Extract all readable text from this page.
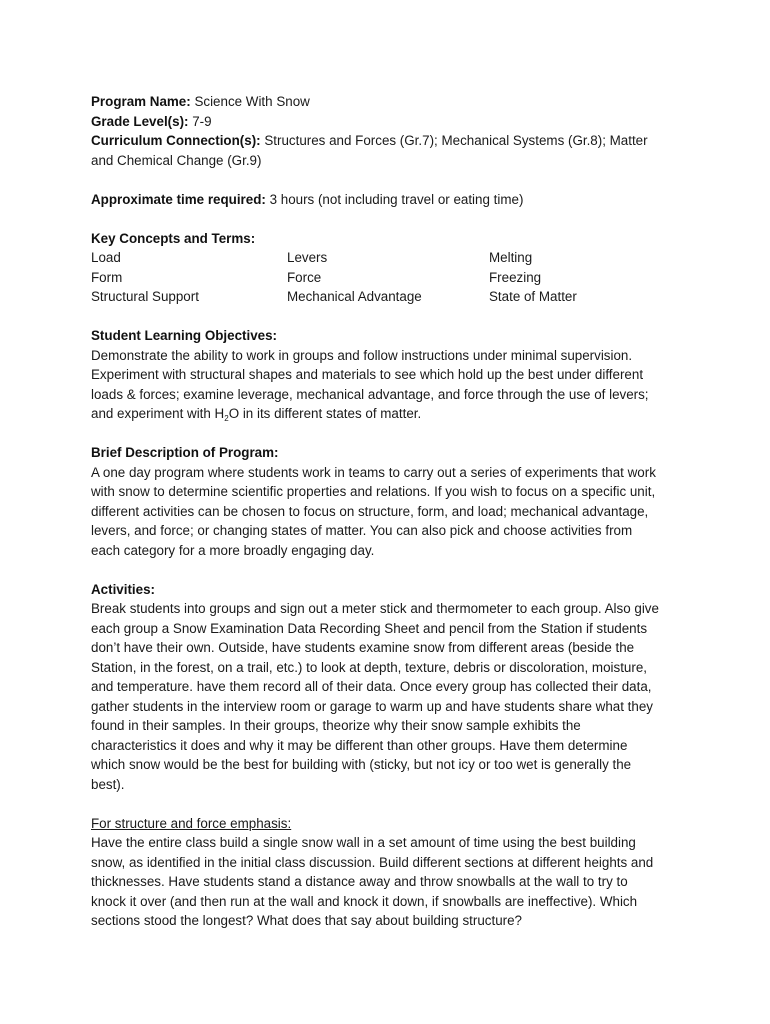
Program Name: Science With Snow
Grade Level(s): 7-9
Curriculum Connection(s): Structures and Forces (Gr.7); Mechanical Systems (Gr.8); Matter
and Chemical Change (Gr.9)
Approximate time required: 3 hours (not including travel or eating time)
Key Concepts and Terms:
Load	Levers	Melting
Form	Force	Freezing
Structural Support	Mechanical Advantage	State of Matter
Student Learning Objectives:
Demonstrate the ability to work in groups and follow instructions under minimal supervision.
Experiment with structural shapes and materials to see which hold up the best under different
loads & forces; examine leverage, mechanical advantage, and force through the use of levers;
and experiment with $H_2O$ in its different states of matter.
Brief Description of Program:
A one day program where students work in teams to carry out a series of experiments that work
with snow to determine scientific properties and relations. If you wish to focus on a specific unit,
different activities can be chosen to focus on structure, form, and load; mechanical advantage,
levers, and force; or changing states of matter. You can also pick and choose activities from
each category for a more broadly engaging day.
Activities:
Break students into groups and sign out a meter stick and thermometer to each group. Also give
each group a Snow Examination Data Recording Sheet and pencil from the Station if students
don’t have their own. Outside, have students examine snow from different areas (beside the
Station, in the forest, on a trail, etc.) to look at depth, texture, debris or discoloration, moisture,
and temperature. have them record all of their data. Once every group has collected their data,
gather students in the interview room or garage to warm up and have students share what they
found in their samples. In their groups, theorize why their snow sample exhibits the
characteristics it does and why it may be different than other groups. Have them determine
which snow would be the best for building with (sticky, but not icy or too wet is generally the
best).
For structure and force emphasis:
Have the entire class build a single snow wall in a set amount of time using the best building
snow, as identified in the initial class discussion. Build different sections at different heights and
thicknesses. Have students stand a distance away and throw snowballs at the wall to try to
knock it over (and then run at the wall and knock it down, if snowballs are ineffective). Which
sections stood the longest? What does that say about building structure?
